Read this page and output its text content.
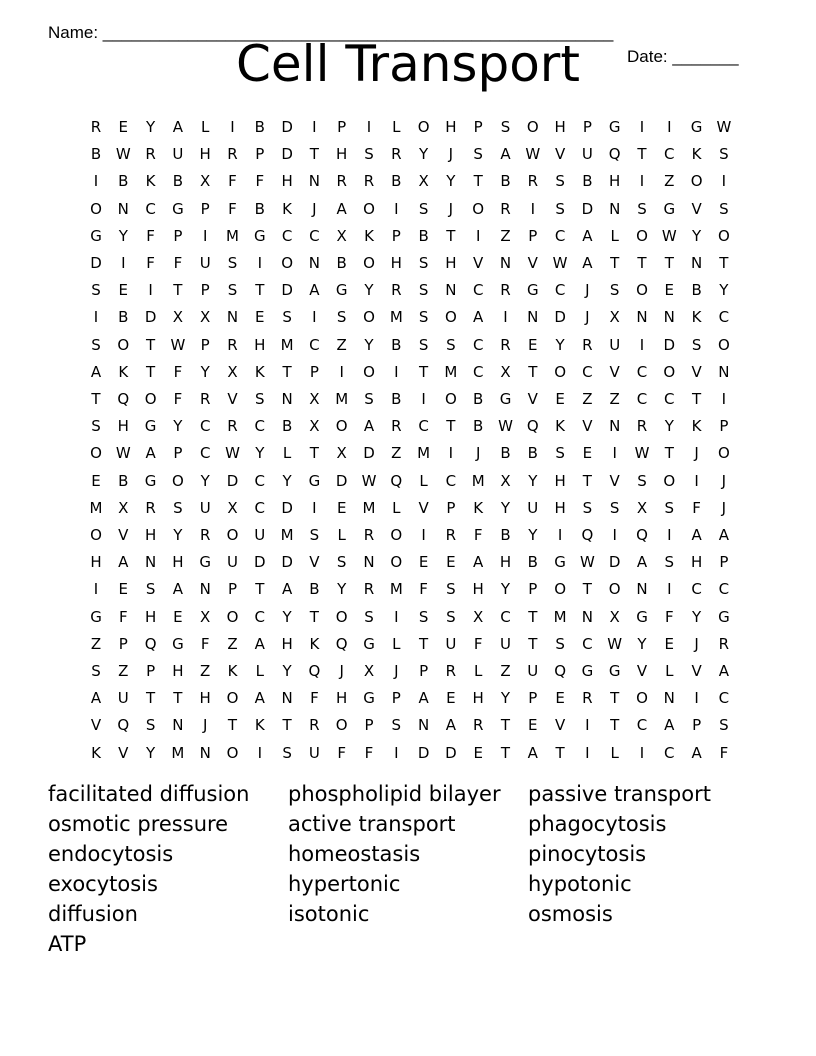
Name: ______________________________________________________

Date: _______

Cell Transport
R	E	Y	A	L	I	B	D	I	P	I	L	O	H	P	S	O	H	P	G	I	I	G W
B W R	U	H	R	P	D	T	H	S	R	Y	J	S	A W V	U	Q	T	C	K	S
I	B	K	B	X	F	F	H	N	R	R	B	X	Y	T	B	R	S	B	H	I	Z	O	I
O	N	C	G	P	F	B	K	J	A	O	I	S	J	O	R	I	S	D	N	S	G	V	S
G	Y	F	P	I	M	G	C	C	X	K	P	B	T	I	Z	P	C	A	L	O W	Y	O
D	I	F	F	U	S	I	O	N	B	O	H	S	H	V	N	V W A	T	T	T	N	T
S	E	I	T	P	S	T	D	A	G	Y	R	S	N	C	R	G	C	J	S	O	E	B	Y
I	B	D	X	X	N	E	S	I	S	O M	S	O	A	I	N	D	J	X	N	N	K	C
S	O	T	W	P	R	H	M	C	Z	Y	B	S	S	C	R	E	Y	R	U	I	D	S	O
A	K	T	F	Y	X	K	T	P	I	O	I	T	M	C	X	T	O	C	V	C	O	V	N
T	Q	O	F	R	V	S	N	X	M	S	B	I	O	B	G	V	E	Z	Z	C	C	T	I
S	H	G	Y	C	R	C	B	X	O	A	R	C	T	B W Q	K	V	N	R	Y	K	P
O W A	P	C W	Y	L	T	X	D	Z	M	I	J	B	B	S	E	I	W	T	J	O
E	B	G	O	Y	D	C	Y	G	D W Q	L	C	M	X	Y	H	T	V	S	O	I	J
M	X	R	S	U	X	C	D	I	E	M	L	V	P	K	Y	U	H	S	S	X	S	F	J
O	V	H	Y	R	O	U	M	S	L	R	O	I	R	F	B	Y	I	Q	I	Q	I	A	A
H	A	N	H	G	U	D	D	V	S	N	O	E	E	A	H	B	G W D	A	S	H	P
I	E	S	A	N	P	T	A	B	Y	R	M	F	S	H	Y	P	O	T	O	N	I	C	C
G	F	H	E	X	O	C	Y	T	O	S	I	S	S	X	C	T	M	N	X	G	F	Y	G
Z	P	Q	G	F	Z	A	H	K	Q	G	L	T	U	F	U	T	S	C W	Y	E	J	R
S	Z	P	H	Z	K	L	Y	Q	J	X	J	P	R	L	Z	U	Q	G	G	V	L	V	A
A	U	T	T	H	O	A	N	F	H	G	P	A	E	H	Y	P	E	R	T	O	N	I	C
V	Q	S	N	J	T	K	T	R	O	P	S	N	A	R	T	E	V	I	T	C	A	P	S
K	V	Y	M	N	O	I	S	U	F	F	I	D	D	E	T	A	T	I	L	I	C	A	F
facilitated diffusion
osmotic pressure
endocytosis
exocytosis
diffusion
ATP
phospholipid bilayer
active transport
homeostasis
hypertonic
isotonic
passive transport
phagocytosis
pinocytosis
hypotonic
osmosis
